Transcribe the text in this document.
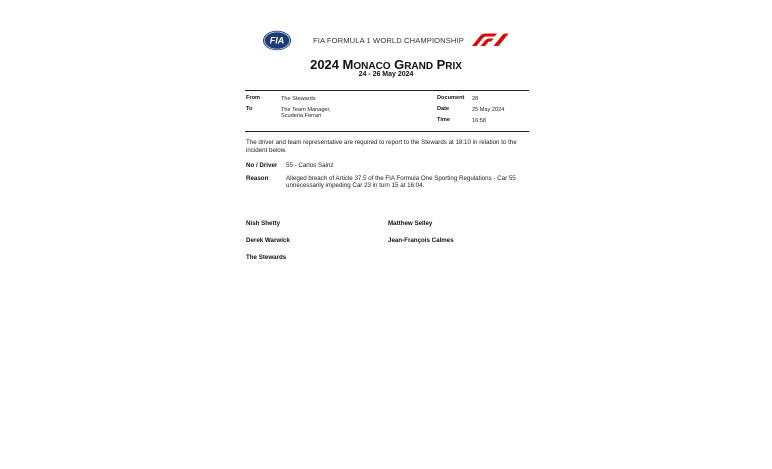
FIA	FIA FORMULA 1 WORLD CHAMPIONSHIP
2024 MONACO GRAND PRIX
24 - 26 May 2024
From	The Stewards
To	The Team Manager,
Scuderia Ferrari
Document 28
Date	25 May 2024
Time	16:58
The driver and team representative are required to report to the Stewards at 18:10 in relation to the incident below.
No / Driver 55 - Carlos Sainz
Reason	Alleged breach of Article 37.5 of the FIA Formula One Sporting Regulations - Car 55 unnecessarily impeding Car 23 in turn 15 at 16:04.
Nish Shetty	Matthew Selley
Derek Warwick	Jean-François Calmes
The Stewards
